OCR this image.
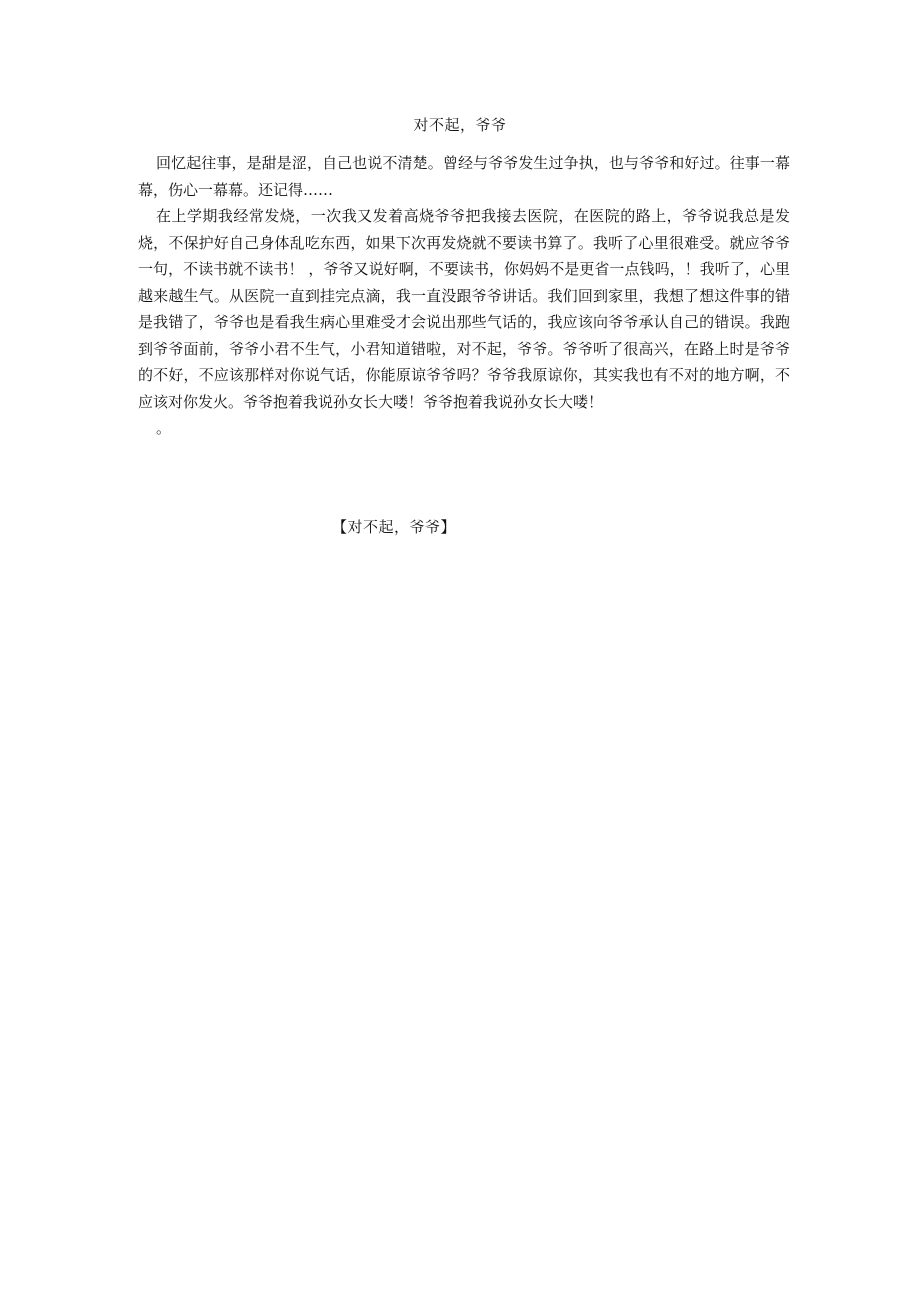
对不起，爷爷

回忆起往事，是甜是涩，自己也说不清楚。曾经与爷爷发生过争执，也与爷爷和好过。往事一幕幕，伤心一幕幕。还记得……

在上学期我经常发烧，一次我又发着高烧爷爷把我接去医院，在医院的路上，爷爷说我总是发烧，不保护好自己身体乱吃东西，如果下次再发烧就不要读书算了。我听了心里很难受。就应爷爷一句，不读书就不读书！ ，爷爷又说好啊，不要读书，你妈妈不是更省一点钱吗，！我听了，心里越来越生气。从医院一直到挂完点滴，我一直没跟爷爷讲话。我们回到家里，我想了想这件事的错是我错了，爷爷也是看我生病心里难受才会说出那些气话的，我应该向爷爷承认自己的错误。我跑到爷爷面前，爷爷小君不生气，小君知道错啦，对不起，爷爷。爷爷听了很高兴，在路上时是爷爷的不好，不应该那样对你说气话，你能原谅爷爷吗？爷爷我原谅你，其实我也有不对的地方啊，不应该对你发火。爷爷抱着我说孙女长大喽！爷爷抱着我说孙女长大喽！

。

【对不起，爷爷】
